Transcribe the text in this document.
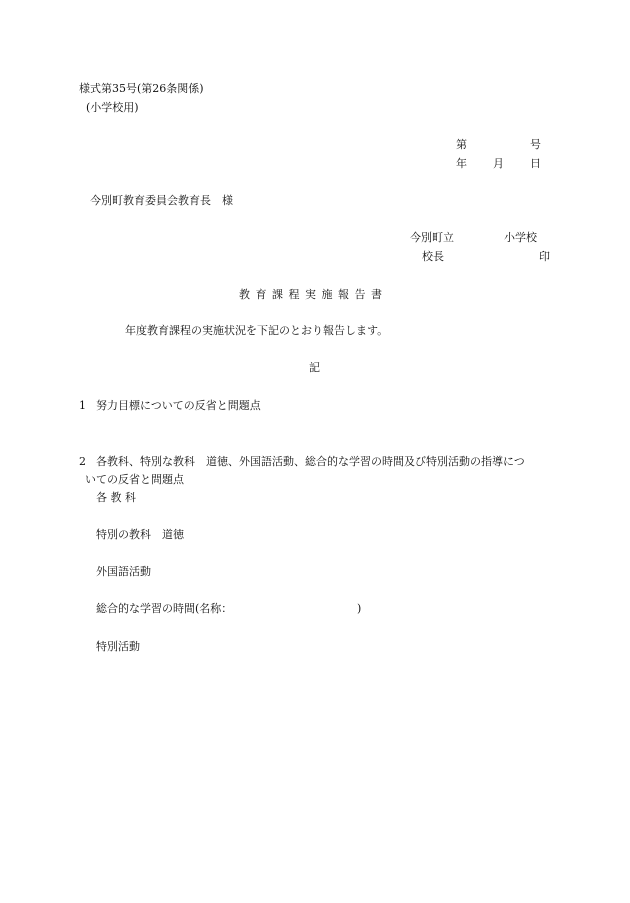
様式第35号(第26条関係)
(小学校用)
第	号
年 月 日
今別町教育委員会教育長　様
今別町立	小学校
校長	印
教育課程実施報告書
年度教育課程の実施状況を下記のとおり報告します。
記
1 努力目標についての反省と問題点
2 各教科、特別な教科　道徳、外国語活動、総合的な学習の時間及び特別活動の指導につ
いての反省と問題点
各教科
特別の教科　道徳
外国語活動
総合的な学習の時間(名称：	)
特別活動
